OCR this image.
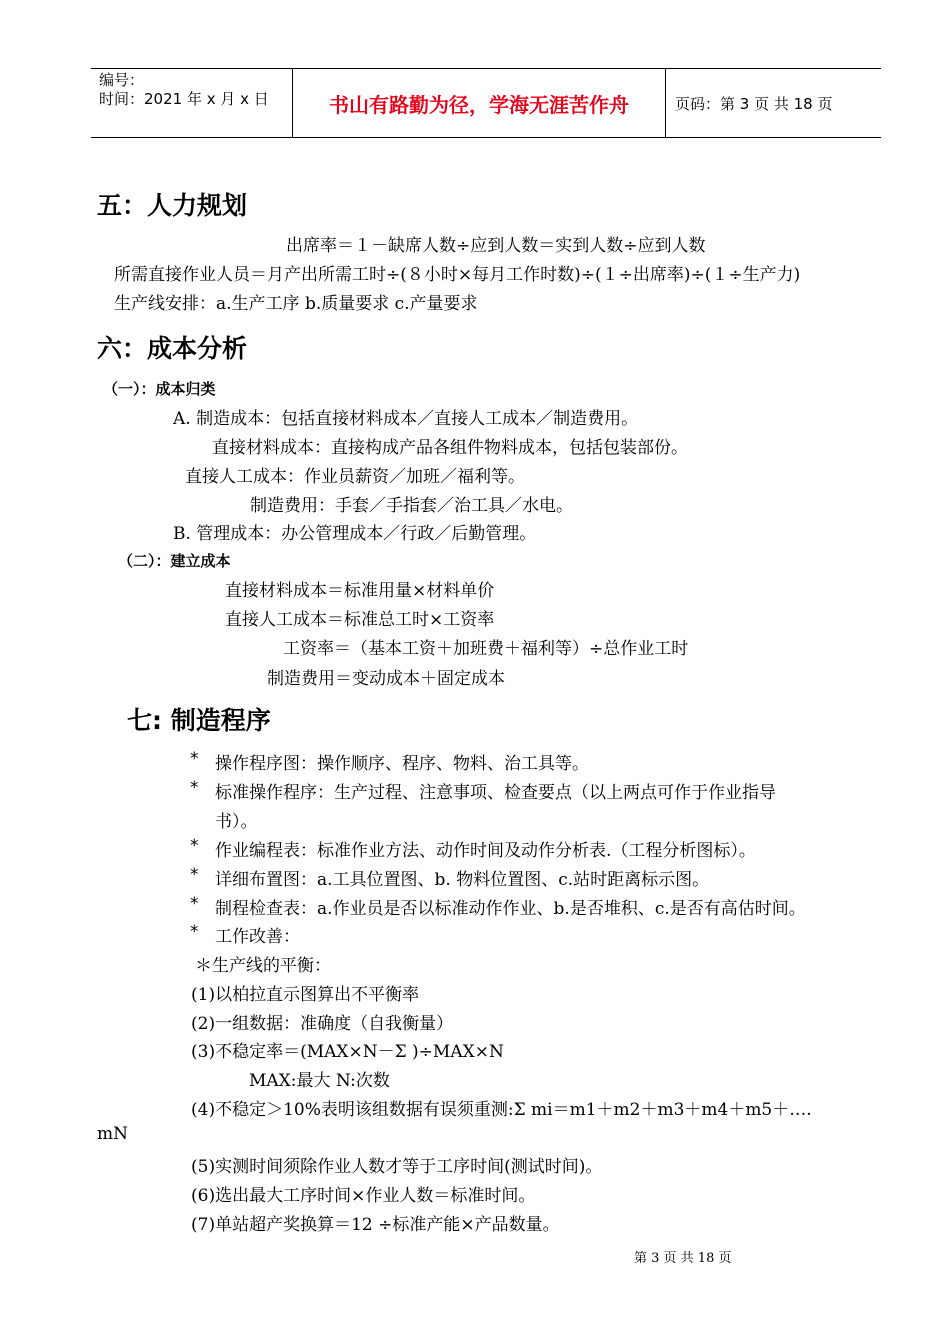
编号：
时间：2021 年 x 月 x 日	书山有路勤为径，学海无涯苦作舟	页码：第 3 页 共 18 页
五：人力规划
出席率＝１－缺席人数÷应到人数＝实到人数÷应到人数
所需直接作业人员＝月产出所需工时÷(８小时×每月工作时数)÷(１÷出席率)÷(１÷生产力)
生产线安排：a.生产工序 b.质量要求 c.产量要求
六：成本分析
（一）：成本归类
A. 制造成本：包括直接材料成本／直接人工成本／制造费用。
直接材料成本：直接构成产品各组件物料成本，包括包装部份。
直接人工成本：作业员薪资／加班／福利等。
制造费用：手套／手指套／治工具／水电。
B. 管理成本：办公管理成本／行政／后勤管理。
（二）：建立成本
直接材料成本＝标准用量×材料单价
直接人工成本＝标准总工时×工资率
工资率＝（基本工资＋加班费＋福利等）÷总作业工时
制造费用＝变动成本＋固定成本
七: 制造程序
* 操作程序图：操作顺序、程序、物料、治工具等。
* 标准操作程序：生产过程、注意事项、检查要点（以上两点可作于作业指导
书）。
* 作业编程表：标准作业方法、动作时间及动作分析表.（工程分析图标）。
* 详细布置图：a.工具位置图、b. 物料位置图、c.站时距离标示图。
* 制程检查表：a.作业员是否以标准动作作业、b.是否堆积、c.是否有高估时间。
* 工作改善：
＊生产线的平衡：
(1)以柏拉直示图算出不平衡率
(2)一组数据：准确度（自我衡量）
(3)不稳定率＝(MAX×N－Σ )÷MAX×N
MAX:最大 N:次数
(4)不稳定＞10%表明该组数据有误须重测:Σ mi＝m1＋m2＋m3＋m4＋m5＋….
mN
(5)实测时间须除作业人数才等于工序时间(测试时间)。
(6)选出最大工序时间×作业人数＝标准时间。
(7)单站超产奖换算＝12 ÷标准产能×产品数量。
第 3 页 共 18 页
